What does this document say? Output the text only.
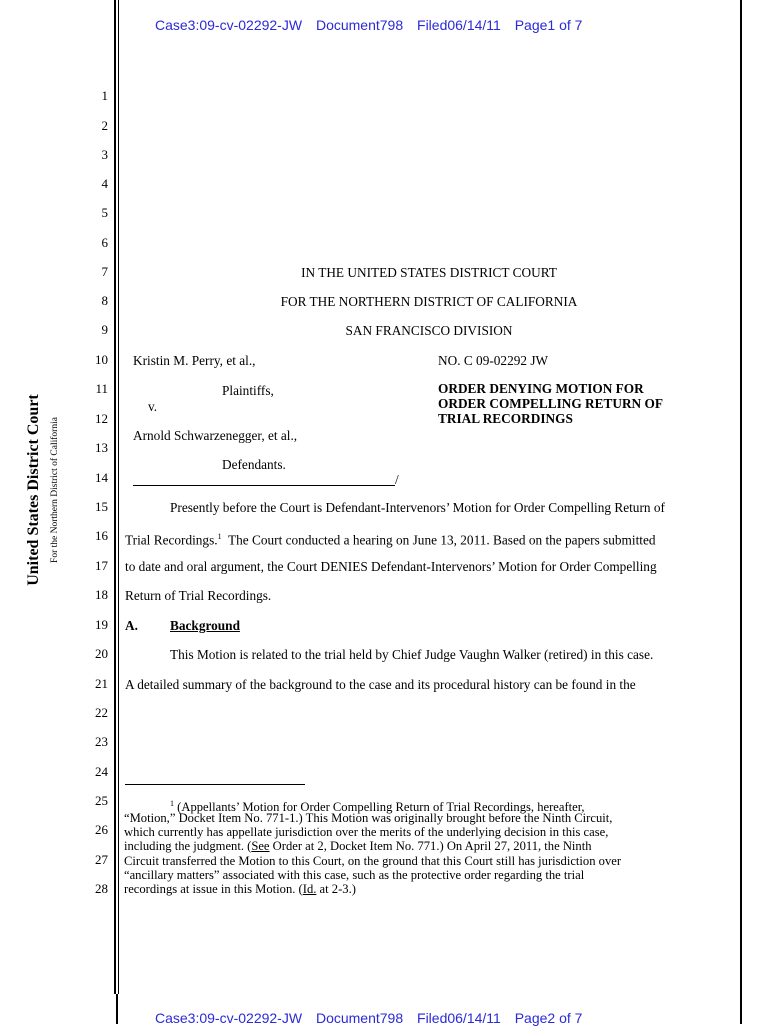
Case3:09-cv-02292-JW Document798 Filed06/14/11 Page1 of 7
United States District Court For the Northern District of California
1
2
3
4
5
6
7
8
9
10
11
12
13
14
15
16
17
18
19
20
21
22
23
24
25
26
27
28
IN THE UNITED STATES DISTRICT COURT
FOR THE NORTHERN DISTRICT OF CALIFORNIA
SAN FRANCISCO DIVISION
Kristin M. Perry, et al.,	NO. C 09-02292 JW
Plaintiffs,
v.
ORDER DENYING MOTION FOR
ORDER COMPELLING RETURN OF
TRIAL RECORDINGS
Arnold Schwarzenegger, et al.,
Defendants.
/
Presently before the Court is Defendant-Intervenors’ Motion for Order Compelling Return of
Trial Recordings.$^1$ The Court conducted a hearing on June 13, 2011. Based on the papers submitted
to date and oral argument, the Court DENIES Defendant-Intervenors’ Motion for Order Compelling
Return of Trial Recordings.
A. Background
This Motion is related to the trial held by Chief Judge Vaughn Walker (retired) in this case.
A detailed summary of the background to the case and its procedural history can be found in the
$^1$ (Appellants’ Motion for Order Compelling Return of Trial Recordings, hereafter,
“Motion,” Docket Item No. 771-1.) This Motion was originally brought before the Ninth Circuit,
which currently has appellate jurisdiction over the merits of the underlying decision in this case,
including the judgment. (See Order at 2, Docket Item No. 771.) On April 27, 2011, the Ninth
Circuit transferred the Motion to this Court, on the ground that this Court still has jurisdiction over
“ancillary matters” associated with this case, such as the protective order regarding the trial
recordings at issue in this Motion. (Id. at 2-3.)
Case3:09-cv-02292-JW Document798 Filed06/14/11 Page2 of 7
